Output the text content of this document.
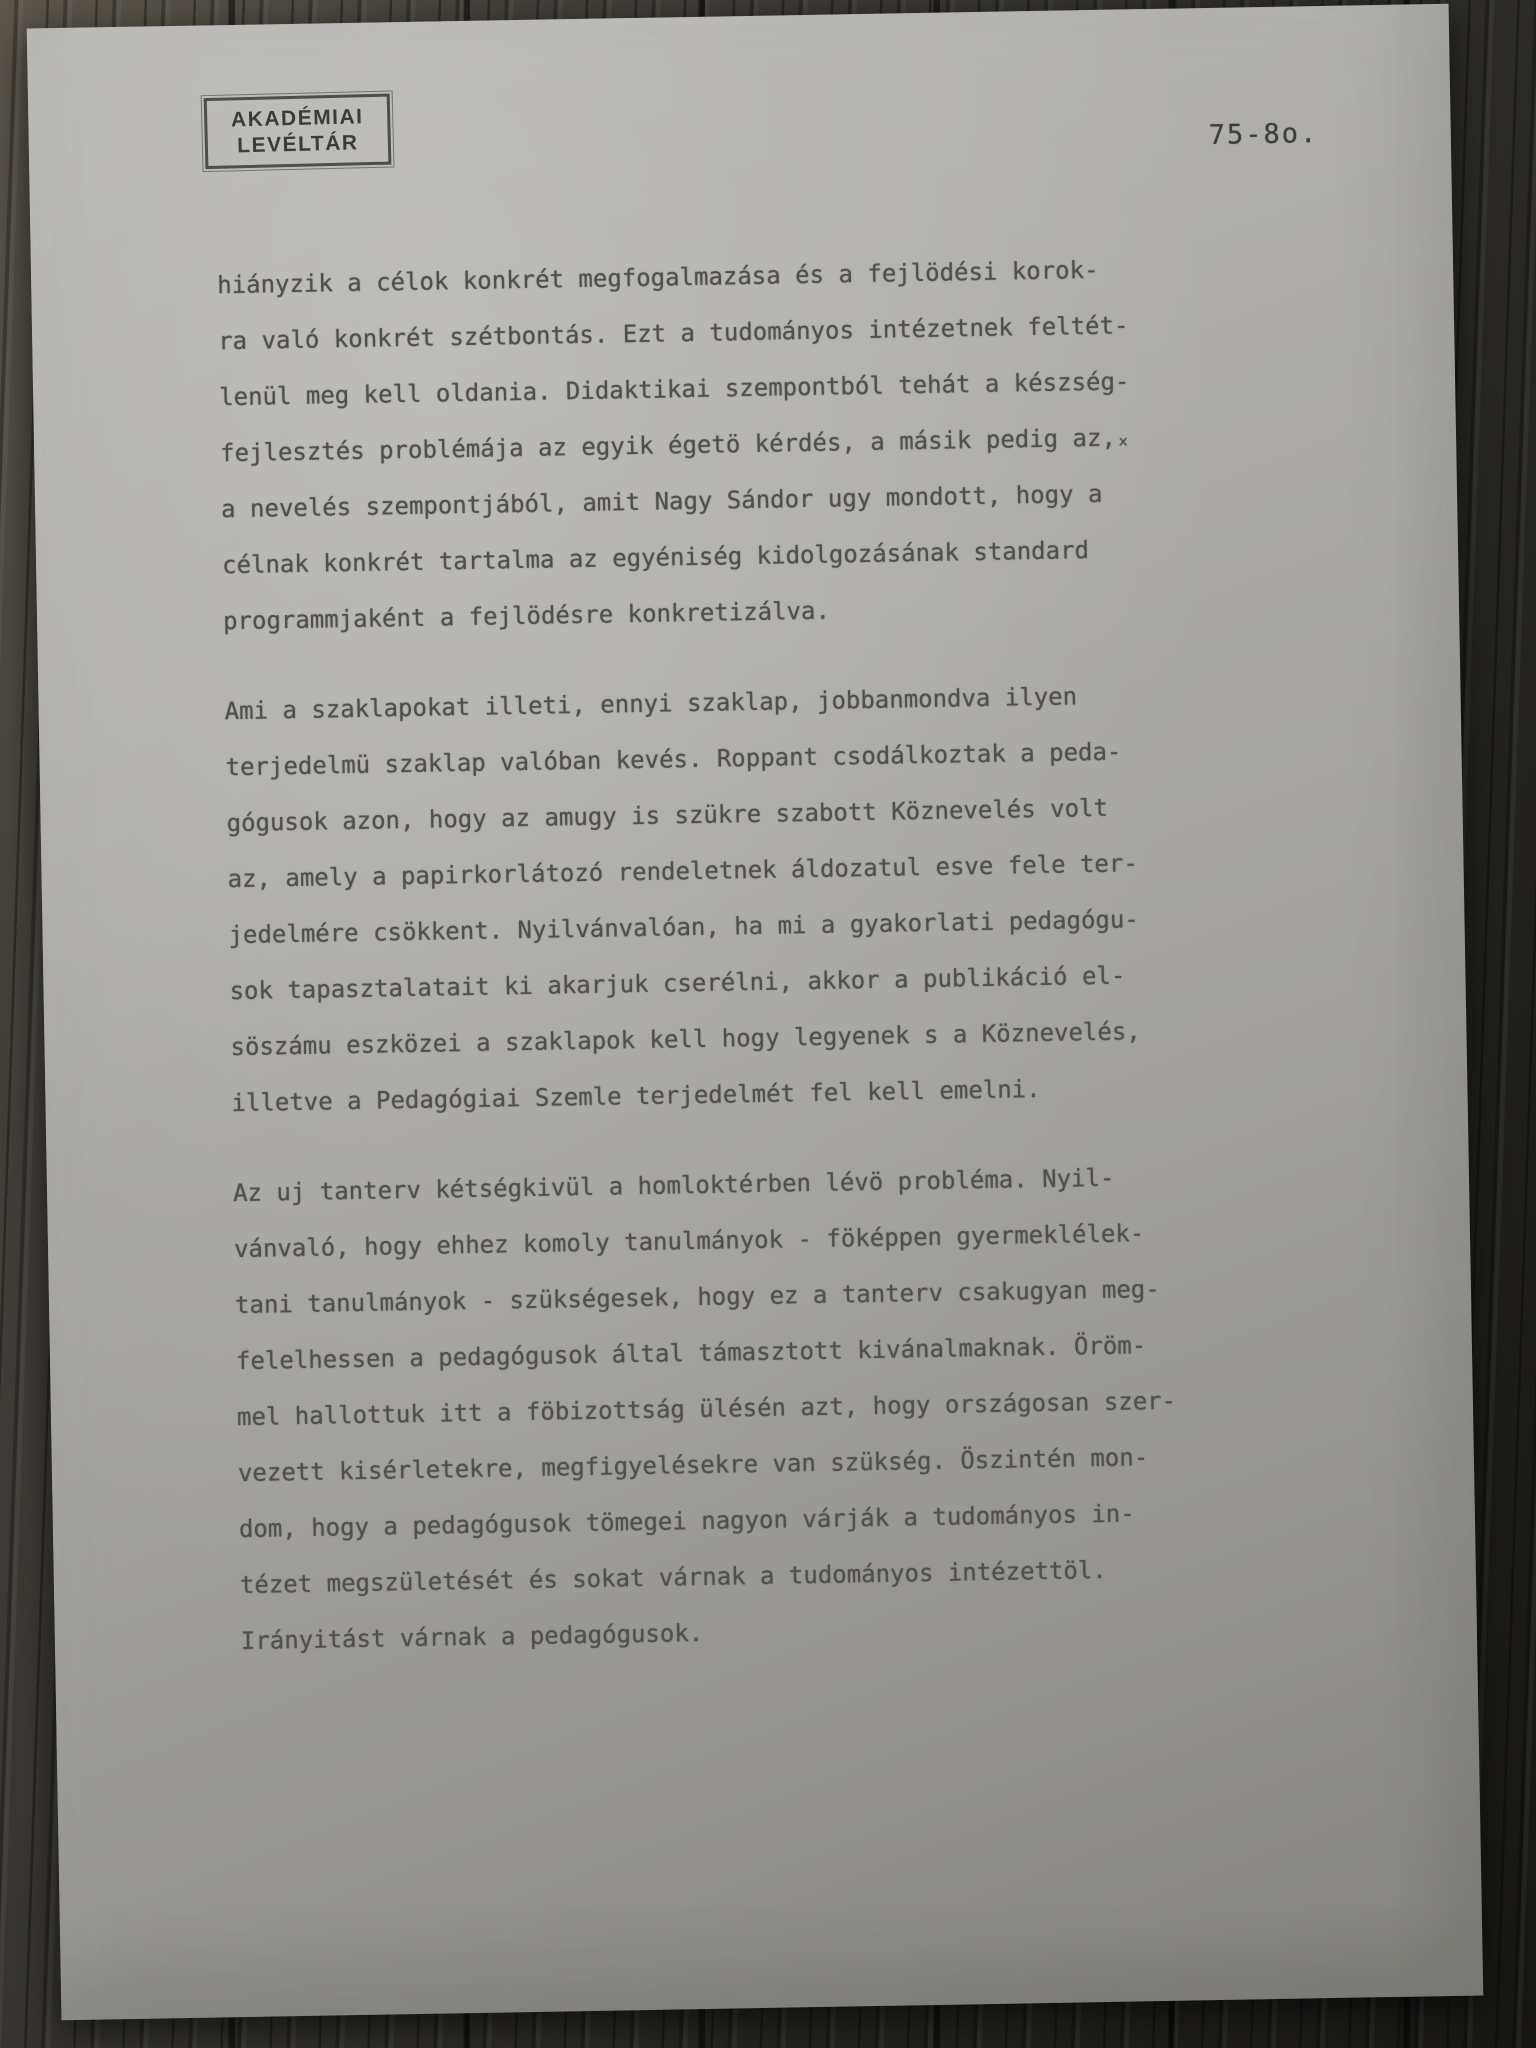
AKADÉMIAI
LEVÉLTÁR	75-8o.
hiányzik a célok konkrét megfogalmazása és a fejlödési korok-
ra való konkrét szétbontás. Ezt a tudományos intézetnek feltét-
lenül meg kell oldania. Didaktikai szempontból tehát a készség-
fejlesztés problémája az egyik égetö kérdés, a másik pedig az,ₓ
a nevelés szempontjából, amit Nagy Sándor ugy mondott, hogy a
célnak konkrét tartalma az egyéniség kidolgozásának standard
programmjaként a fejlödésre konkretizálva.
Ami a szaklapokat illeti, ennyi szaklap, jobbanmondva ilyen
terjedelmü szaklap valóban kevés. Roppant csodálkoztak a peda-
gógusok azon, hogy az amugy is szükre szabott Köznevelés volt
az, amely a papirkorlátozó rendeletnek áldozatul esve fele ter-
jedelmére csökkent. Nyilvánvalóan, ha mi a gyakorlati pedagógu-
sok tapasztalatait ki akarjuk cserélni, akkor a publikáció el-
söszámu eszközei a szaklapok kell hogy legyenek s a Köznevelés,
illetve a Pedagógiai Szemle terjedelmét fel kell emelni.
Az uj tanterv kétségkivül a homloktérben lévö probléma. Nyil-
vánvaló, hogy ehhez komoly tanulmányok - föképpen gyermeklélek-
tani tanulmányok - szükségesek, hogy ez a tanterv csakugyan meg-
felelhessen a pedagógusok által támasztott kivánalmaknak. Öröm-
mel hallottuk itt a föbizottság ülésén azt, hogy országosan szer-
vezett kisérletekre, megfigyelésekre van szükség. Öszintén mon-
dom, hogy a pedagógusok tömegei nagyon várják a tudományos in-
tézet megszületését és sokat várnak a tudományos intézettöl.
Irányitást várnak a pedagógusok.
